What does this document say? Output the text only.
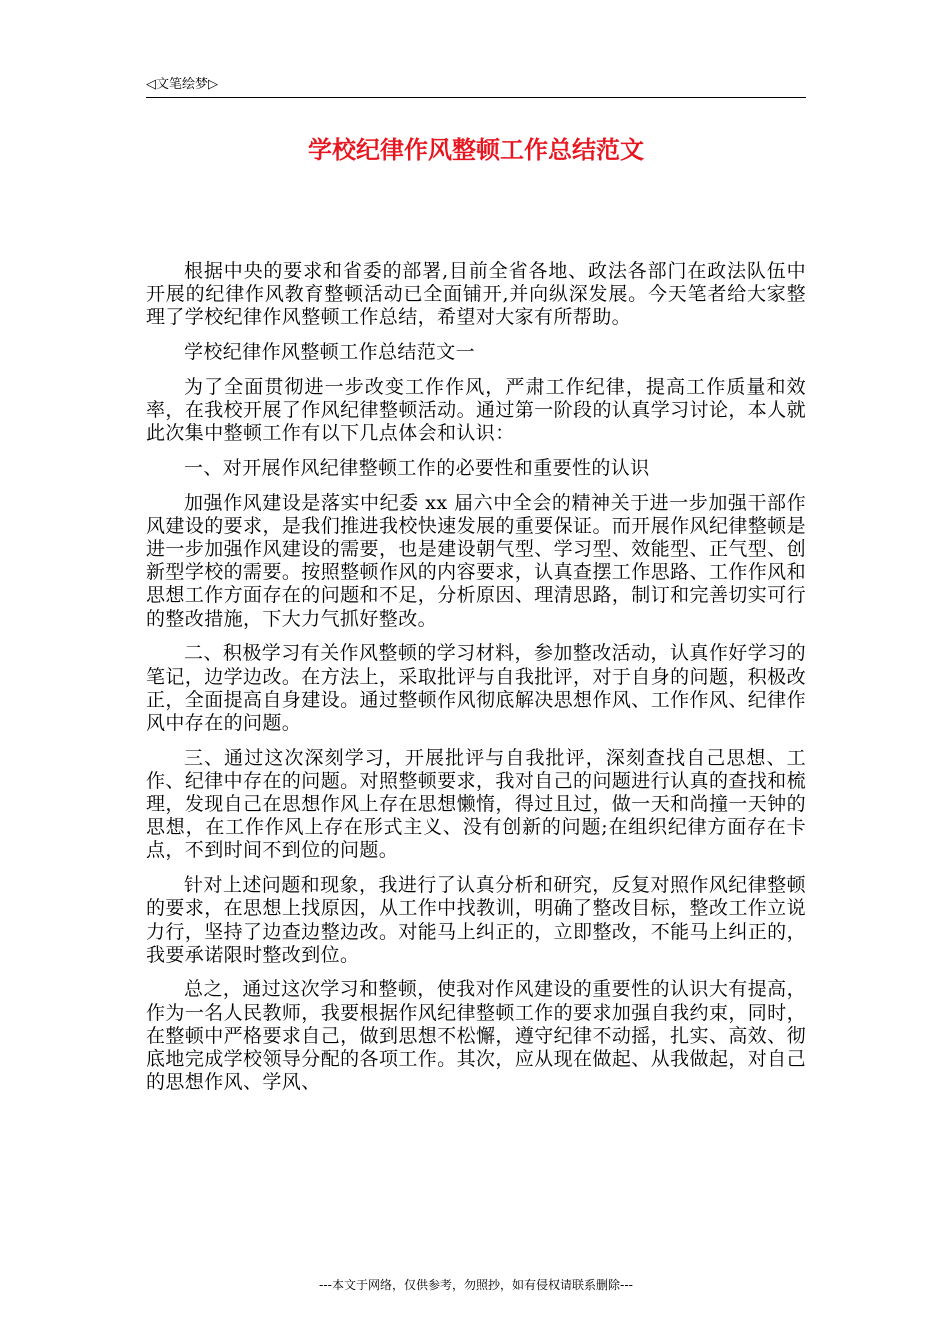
◁文笔绘梦▷
学校纪律作风整顿工作总结范文

根据中央的要求和省委的部署,目前全省各地、政法各部门在政法队伍中开展的纪律作风教育整顿活动已全面铺开,并向纵深发展。今天笔者给大家整理了学校纪律作风整顿工作总结，希望对大家有所帮助。

学校纪律作风整顿工作总结范文一

为了全面贯彻进一步改变工作作风，严肃工作纪律，提高工作质量和效率，在我校开展了作风纪律整顿活动。通过第一阶段的认真学习讨论，本人就此次集中整顿工作有以下几点体会和认识：

一、对开展作风纪律整顿工作的必要性和重要性的认识

加强作风建设是落实中纪委 xx 届六中全会的精神关于进一步加强干部作风建设的要求，是我们推进我校快速发展的重要保证。而开展作风纪律整顿是进一步加强作风建设的需要，也是建设朝气型、学习型、效能型、正气型、创新型学校的需要。按照整顿作风的内容要求，认真查摆工作思路、工作作风和思想工作方面存在的问题和不足，分析原因、理清思路，制订和完善切实可行的整改措施，下大力气抓好整改。

二、积极学习有关作风整顿的学习材料，参加整改活动，认真作好学习的笔记，边学边改。在方法上，采取批评与自我批评，对于自身的问题，积极改正，全面提高自身建设。通过整顿作风彻底解决思想作风、工作作风、纪律作风中存在的问题。

三、通过这次深刻学习，开展批评与自我批评，深刻查找自己思想、工作、纪律中存在的问题。对照整顿要求，我对自己的问题进行认真的查找和梳理，发现自己在思想作风上存在思想懒惰，得过且过，做一天和尚撞一天钟的思想，在工作作风上存在形式主义、没有创新的问题;在组织纪律方面存在卡点，不到时间不到位的问题。

针对上述问题和现象，我进行了认真分析和研究，反复对照作风纪律整顿的要求，在思想上找原因，从工作中找教训，明确了整改目标，整改工作立说力行，坚持了边查边整边改。对能马上纠正的，立即整改，不能马上纠正的，我要承诺限时整改到位。

总之，通过这次学习和整顿，使我对作风建设的重要性的认识大有提高，作为一名人民教师，我要根据作风纪律整顿工作的要求加强自我约束，同时，在整顿中严格要求自己，做到思想不松懈，遵守纪律不动摇，扎实、高效、彻底地完成学校领导分配的各项工作。其次，应从现在做起、从我做起，对自己的思想作风、学风、

---本文于网络，仅供参考，勿照抄，如有侵权请联系删除---
